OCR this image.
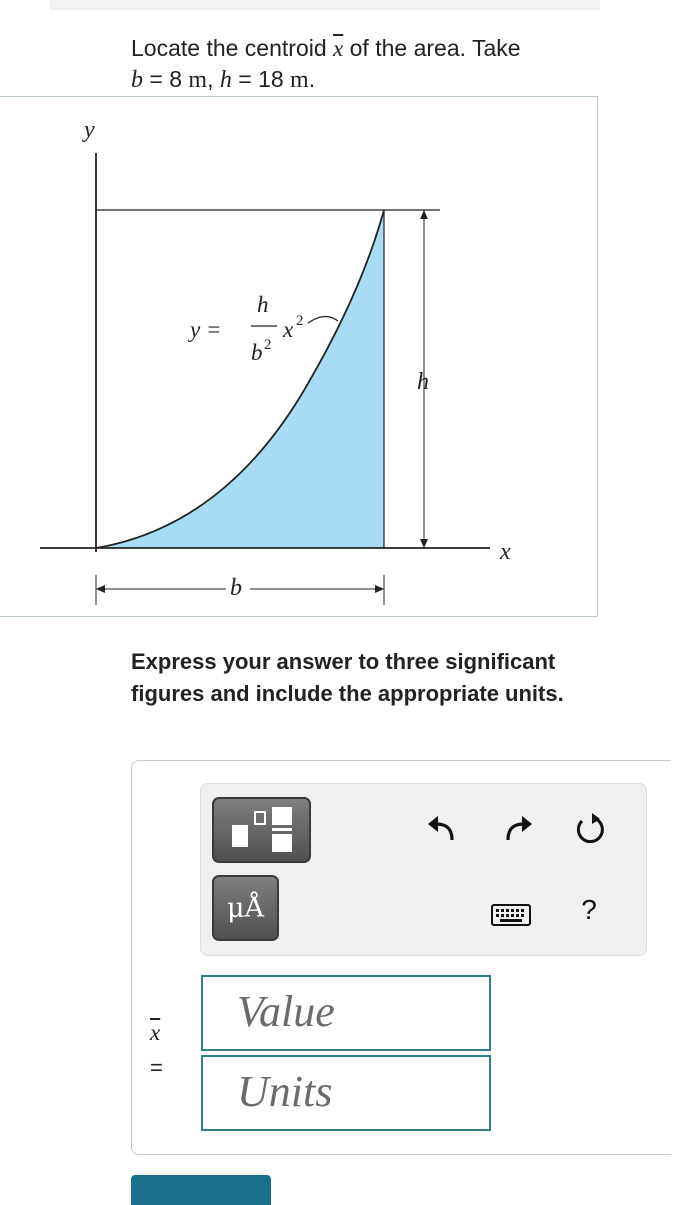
Locate the centroid $\overline{x}$ of the area. Take
b = 8 m, h = 18 m.
y
x
h
b
y =
h
b 2
x 2
Express your answer to three significant figures and include the appropriate units.
μÅ	?
$\overline{x}$
=
Value
Units
